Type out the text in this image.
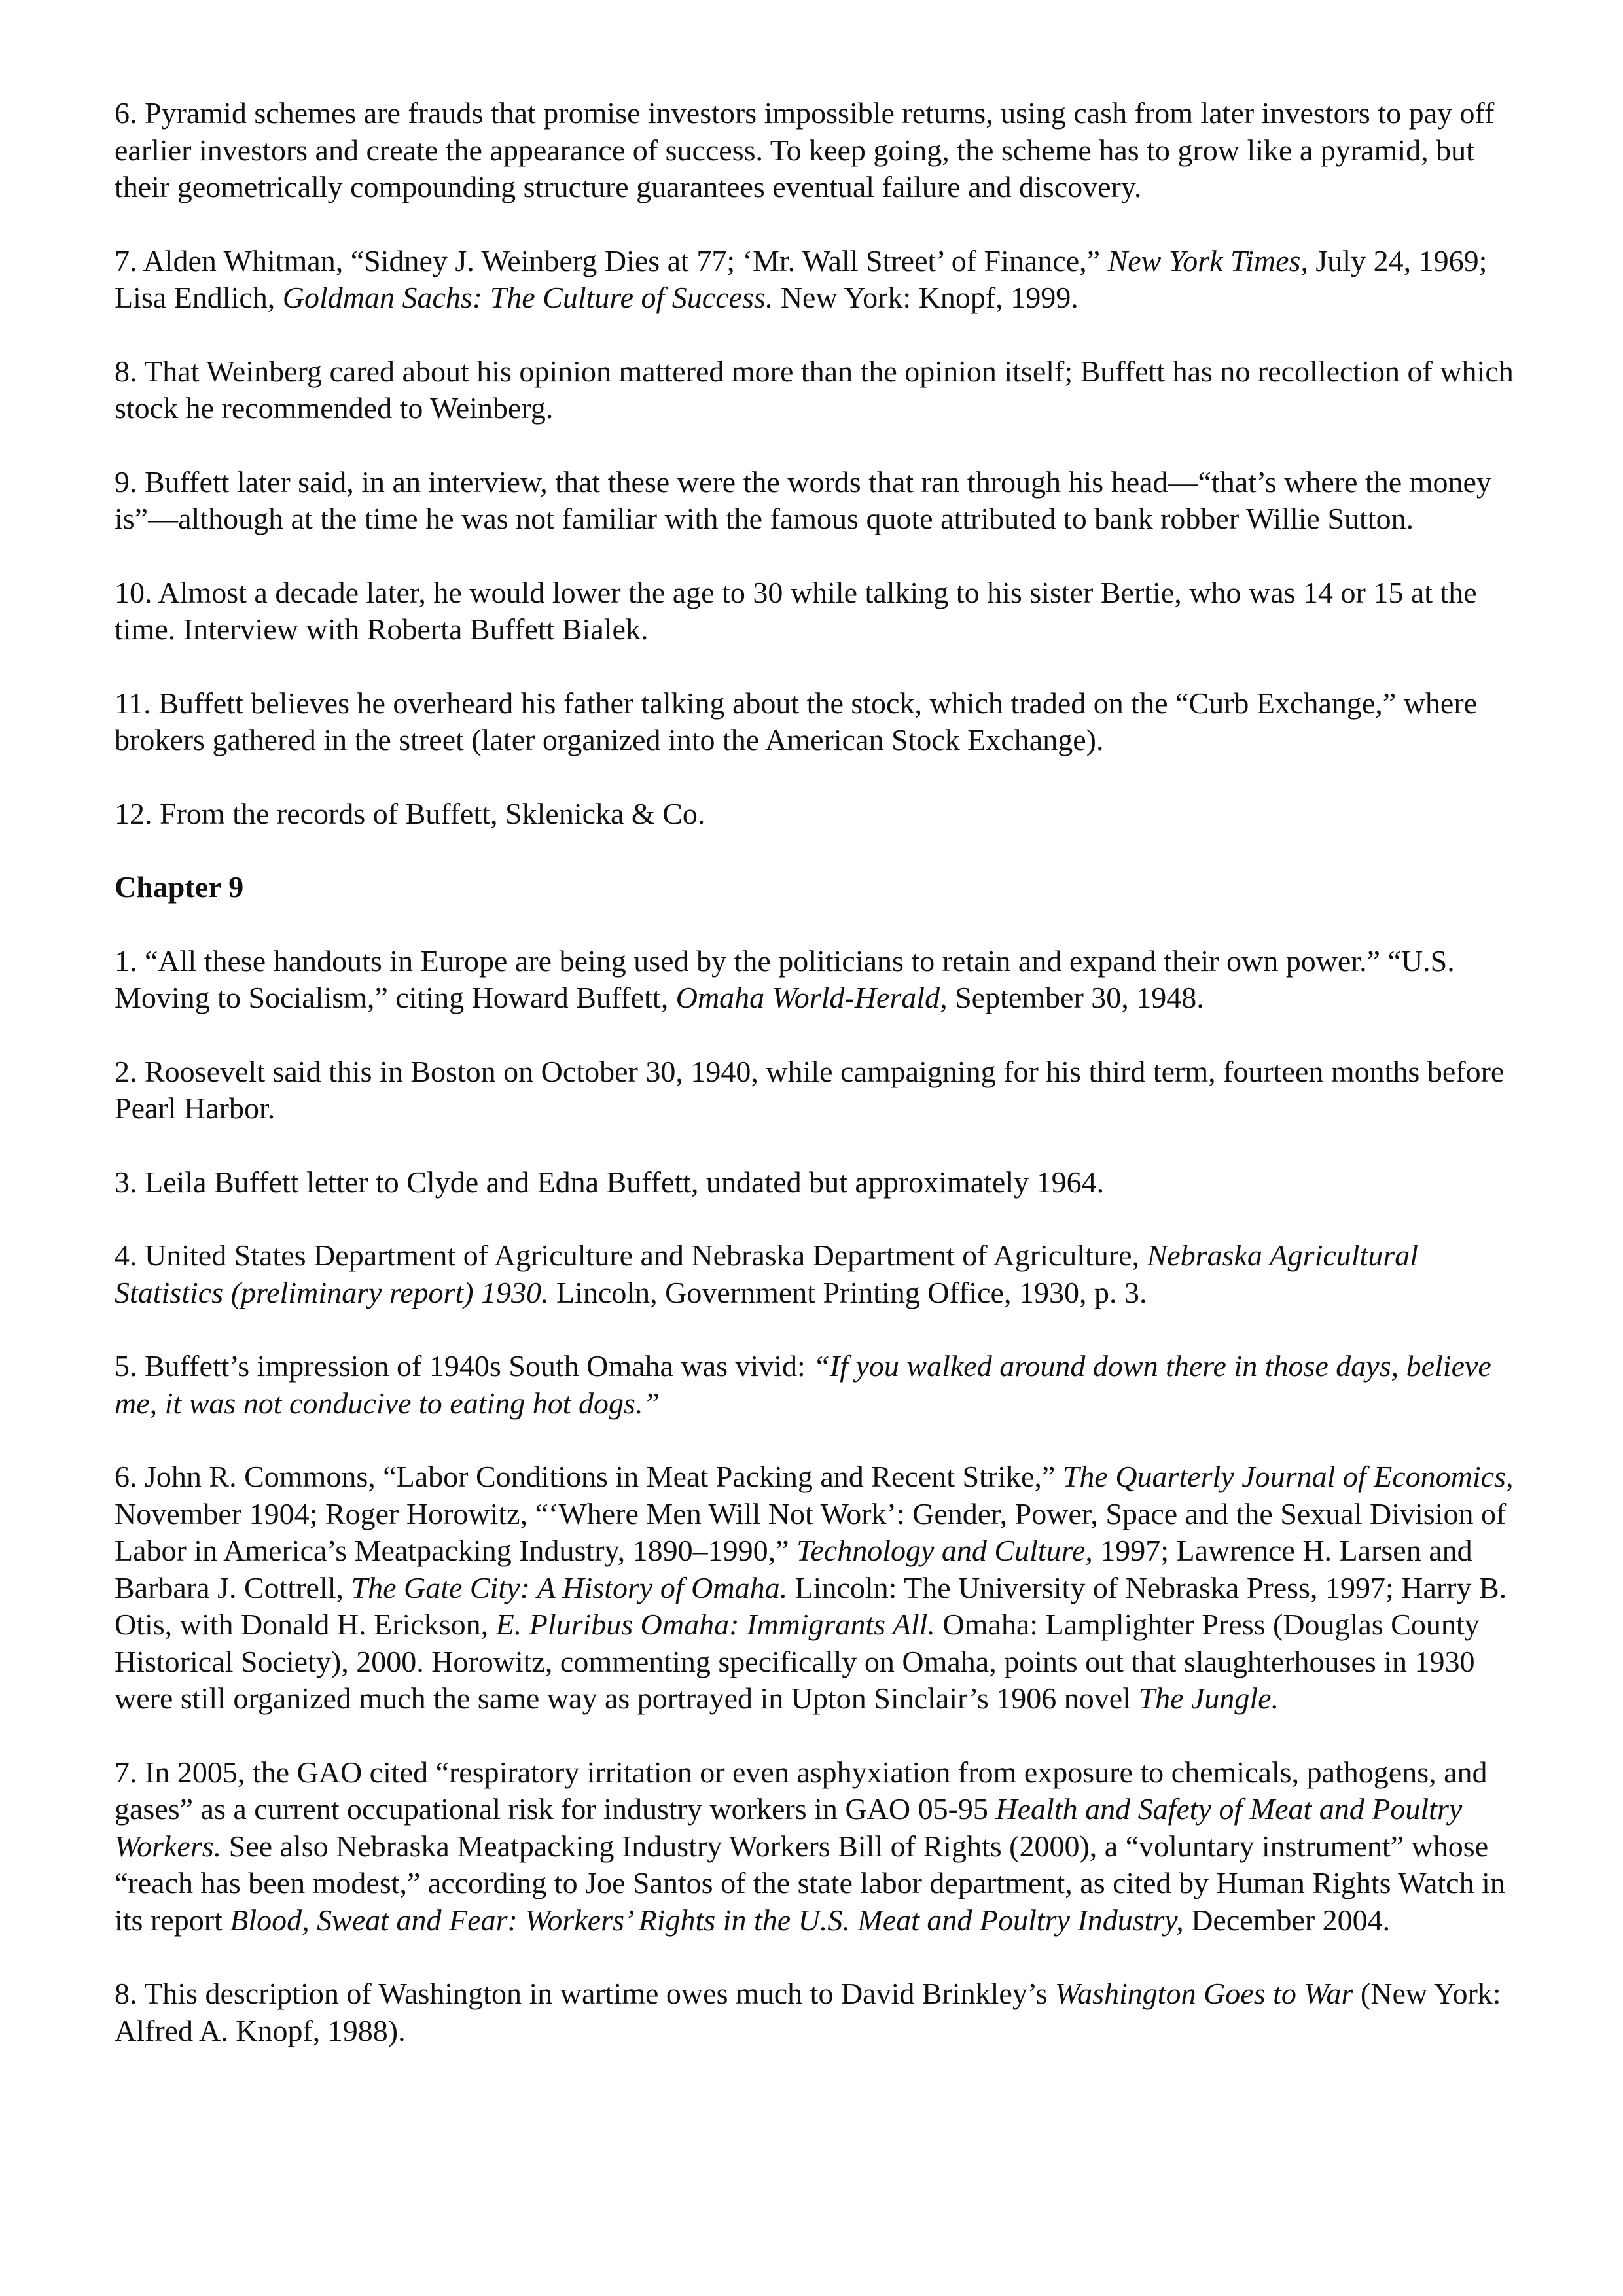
6. Pyramid schemes are frauds that promise investors impossible returns, using cash from later investors to pay off earlier investors and create the appearance of success. To keep going, the scheme has to grow like a pyramid, but their geometrically compounding structure guarantees eventual failure and discovery.

7. Alden Whitman, “Sidney J. Weinberg Dies at 77; ‘Mr. Wall Street’ of Finance,” New York Times, July 24, 1969; Lisa Endlich, Goldman Sachs: The Culture of Success. New York: Knopf, 1999.

8. That Weinberg cared about his opinion mattered more than the opinion itself; Buffett has no recollection of which stock he recommended to Weinberg.

9. Buffett later said, in an interview, that these were the words that ran through his head—“that’s where the money is”—although at the time he was not familiar with the famous quote attributed to bank robber Willie Sutton.

10. Almost a decade later, he would lower the age to 30 while talking to his sister Bertie, who was 14 or 15 at the time. Interview with Roberta Buffett Bialek.

11. Buffett believes he overheard his father talking about the stock, which traded on the “Curb Exchange,” where brokers gathered in the street (later organized into the American Stock Exchange).

12. From the records of Buffett, Sklenicka & Co.

Chapter 9

1. “All these handouts in Europe are being used by the politicians to retain and expand their own power.” “U.S. Moving to Socialism,” citing Howard Buffett, Omaha World-Herald, September 30, 1948.

2. Roosevelt said this in Boston on October 30, 1940, while campaigning for his third term, fourteen months before Pearl Harbor.

3. Leila Buffett letter to Clyde and Edna Buffett, undated but approximately 1964.

4. United States Department of Agriculture and Nebraska Department of Agriculture, Nebraska Agricultural Statistics (preliminary report) 1930. Lincoln, Government Printing Office, 1930, p. 3.

5. Buffett’s impression of 1940s South Omaha was vivid: “If you walked around down there in those days, believe me, it was not conducive to eating hot dogs.”

6. John R. Commons, “Labor Conditions in Meat Packing and Recent Strike,” The Quarterly Journal of Economics, November 1904; Roger Horowitz, “‘Where Men Will Not Work’: Gender, Power, Space and the Sexual Division of Labor in America’s Meatpacking Industry, 1890–1990,” Technology and Culture, 1997; Lawrence H. Larsen and Barbara J. Cottrell, The Gate City: A History of Omaha. Lincoln: The University of Nebraska Press, 1997; Harry B. Otis, with Donald H. Erickson, E. Pluribus Omaha: Immigrants All. Omaha: Lamplighter Press (Douglas County Historical Society), 2000. Horowitz, commenting specifically on Omaha, points out that slaughterhouses in 1930 were still organized much the same way as portrayed in Upton Sinclair’s 1906 novel The Jungle.

7. In 2005, the GAO cited “respiratory irritation or even asphyxiation from exposure to chemicals, pathogens, and gases” as a current occupational risk for industry workers in GAO 05-95 Health and Safety of Meat and Poultry Workers. See also Nebraska Meatpacking Industry Workers Bill of Rights (2000), a “voluntary instrument” whose “reach has been modest,” according to Joe Santos of the state labor department, as cited by Human Rights Watch in its report Blood, Sweat and Fear: Workers’ Rights in the U.S. Meat and Poultry Industry, December 2004.

8. This description of Washington in wartime owes much to David Brinkley’s Washington Goes to War (New York: Alfred A. Knopf, 1988).
